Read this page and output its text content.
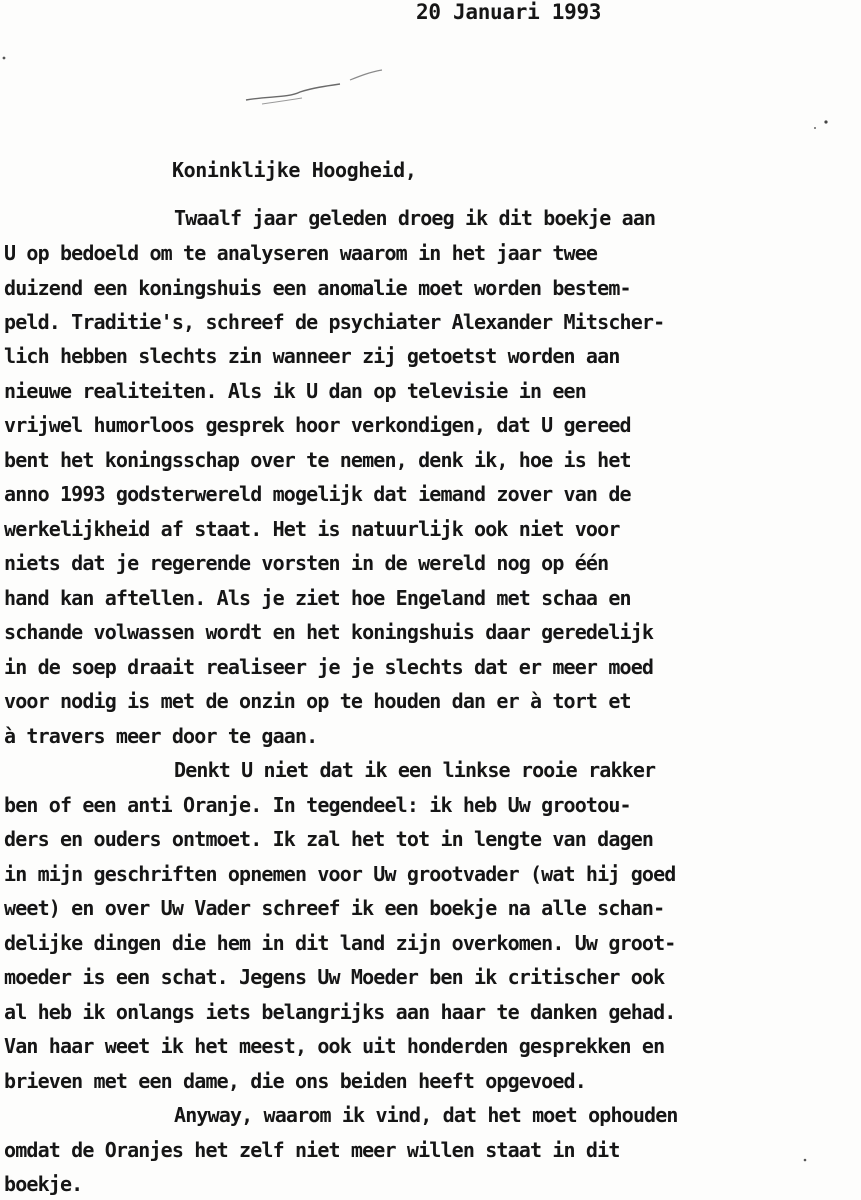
20 Januari 1993
Koninklijke Hoogheid,
Twaalf jaar geleden droeg ik dit boekje aan
U op bedoeld om te analyseren waarom in het jaar twee
duizend een koningshuis een anomalie moet worden bestem-
peld. Traditie's, schreef de psychiater Alexander Mitscher-
lich hebben slechts zin wanneer zij getoetst worden aan
nieuwe realiteiten. Als ik U dan op televisie in een
vrijwel humorloos gesprek hoor verkondigen, dat U gereed
bent het koningsschap over te nemen, denk ik, hoe is het
anno 1993 godsterwereld mogelijk dat iemand zover van de
werkelijkheid af staat. Het is natuurlijk ook niet voor
niets dat je regerende vorsten in de wereld nog op één
hand kan aftellen. Als je ziet hoe Engeland met schaa en
schande volwassen wordt en het koningshuis daar geredelijk
in de soep draait realiseer je je slechts dat er meer moed
voor nodig is met de onzin op te houden dan er à tort et
à travers meer door te gaan.
Denkt U niet dat ik een linkse rooie rakker
ben of een anti Oranje. In tegendeel: ik heb Uw grootou-
ders en ouders ontmoet. Ik zal het tot in lengte van dagen
in mijn geschriften opnemen voor Uw grootvader (wat hij goed
weet) en over Uw Vader schreef ik een boekje na alle schan-
delijke dingen die hem in dit land zijn overkomen. Uw groot-
moeder is een schat. Jegens Uw Moeder ben ik critischer ook
al heb ik onlangs iets belangrijks aan haar te danken gehad.
Van haar weet ik het meest, ook uit honderden gesprekken en
brieven met een dame, die ons beiden heeft opgevoed.
Anyway, waarom ik vind, dat het moet ophouden
omdat de Oranjes het zelf niet meer willen staat in dit
boekje.
